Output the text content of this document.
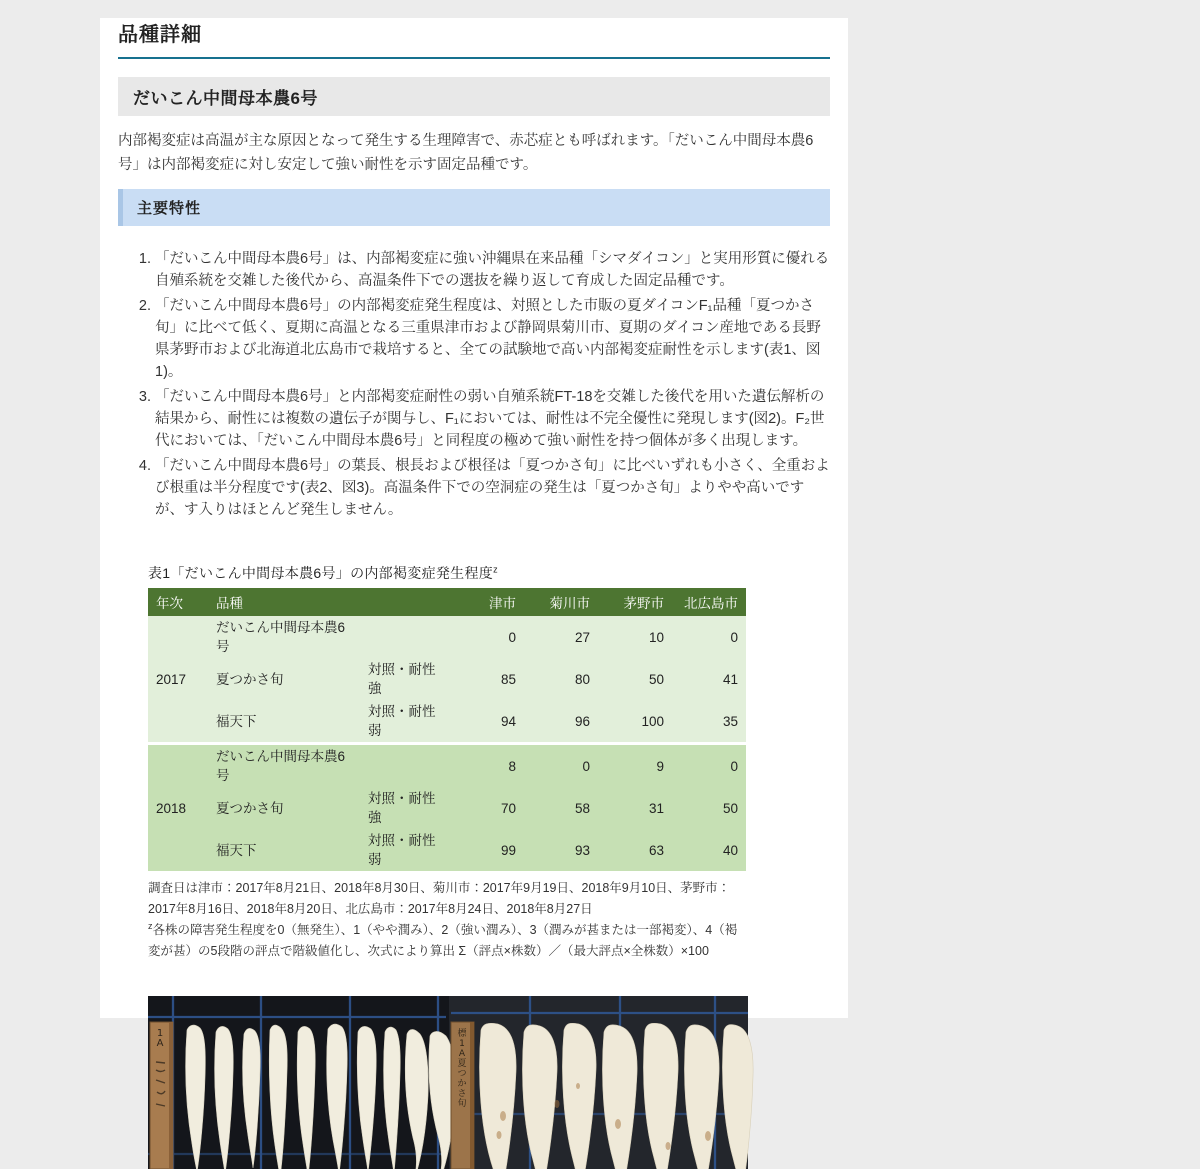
品種詳細
だいこん中間母本農6号

内部褐変症は高温が主な原因となって発生する生理障害で、赤芯症とも呼ばれます。「だいこん中間母本農6号」は内部褐変症に対し安定して強い耐性を示す固定品種です。

主要特性
1. 「だいこん中間母本農6号」は、内部褐変症に強い沖縄県在来品種「シマダイコン」と実用形質に優れる自殖系統を交雑した後代から、高温条件下での選抜を繰り返して育成した固定品種です。
2. 「だいこん中間母本農6号」の内部褐変症発生程度は、対照とした市販の夏ダイコンF₁品種「夏つかさ旬」に比べて低く、夏期に高温となる三重県津市および静岡県菊川市、夏期のダイコン産地である長野県茅野市および北海道北広島市で栽培すると、全ての試験地で高い内部褐変症耐性を示します(表1、図1)。
3. 「だいこん中間母本農6号」と内部褐変症耐性の弱い自殖系統FT-18を交雑した後代を用いた遺伝解析の結果から、耐性には複数の遺伝子が関与し、F₁においては、耐性は不完全優性に発現します(図2)。F₂世代においては、「だいこん中間母本農6号」と同程度の極めて強い耐性を持つ個体が多く出現します。
4. 「だいこん中間母本農6号」の葉長、根長および根径は「夏つかさ旬」に比べいずれも小さく、全重および根重は半分程度です(表2、図3)。高温条件下での空洞症の発生は「夏つかさ旬」よりやや高いですが、す入りはほとんど発生しません。
表1「だいこん中間母本農6号」の内部褐変症発生程度$^z$
年次	品種		津市	菊川市	茅野市	北広島市
2017	だいこん中間母本農6号		0	27	10	0
	夏つかさ旬	対照・耐性強	85	80	50	41
	福天下	対照・耐性弱	94	96	100	35
2018	だいこん中間母本農6号		8	0	9	0
	夏つかさ旬	対照・耐性強	70	58	31	50
	福天下	対照・耐性弱	99	93	63	40

調査日は津市：2017年8月21日、2018年8月30日、菊川市：2017年9月19日、2018年9月10日、茅野市：2017年8月16日、2018年8月20日、北広島市：2017年8月24日、2018年8月27日

$^z$各株の障害発生程度を0（無発生）、1（やや潤み）、2（強い潤み）、3（潤みが甚または一部褐変）、4（褐変が甚）の5段階の評点で階級値化し、次式により算出 Σ（評点×株数）／（最大評点×全株数）×100

1 A
標 1 A 夏つかさ旬
